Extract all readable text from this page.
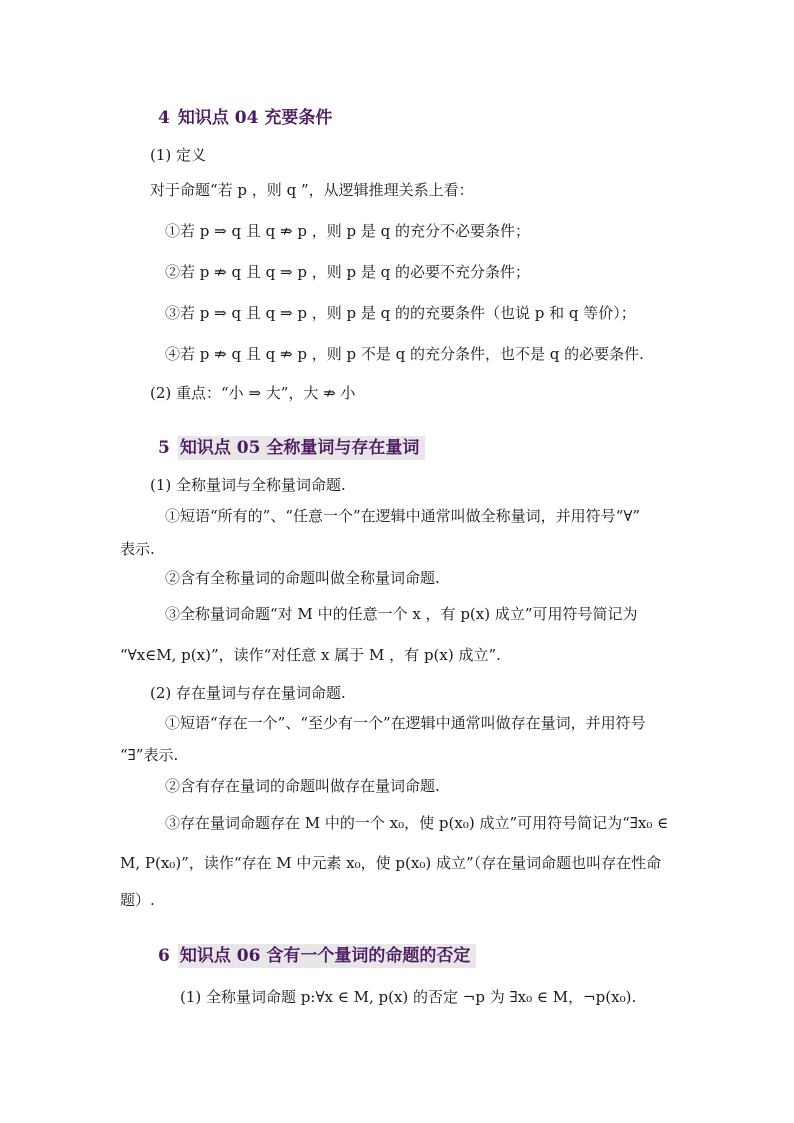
4 知识点 04 充要条件
(1) 定义
对于命题“若 p ，则 q ”，从逻辑推理关系上看：
①若 p ⇒ q 且 q ⇏ p ，则 p 是 q 的充分不必要条件；
②若 p ⇏ q 且 q ⇒ p ，则 p 是 q 的必要不充分条件；
③若 p ⇒ q 且 q ⇒ p ，则 p 是 q 的的充要条件（也说 p 和 q 等价）；
④若 p ⇏ q 且 q ⇏ p ，则 p 不是 q 的充分条件，也不是 q 的必要条件.
(2) 重点：“小 ⇒ 大”，大 ⇏ 小
5 知识点 05 全称量词与存在量词
(1) 全称量词与全称量词命题.
①短语“所有的”、“任意一个”在逻辑中通常叫做全称量词，并用符号“∀”
表示.
②含有全称量词的命题叫做全称量词命题.
③全称量词命题“对 M 中的任意一个 x ，有 p(x) 成立”可用符号简记为
“∀x∈M, p(x)”，读作“对任意 x 属于 M ，有 p(x) 成立”.
(2) 存在量词与存在量词命题.
①短语“存在一个”、“至少有一个”在逻辑中通常叫做存在量词，并用符号
“∃”表示.
②含有存在量词的命题叫做存在量词命题.
③存在量词命题存在 M 中的一个 x₀，使 p(x₀) 成立”可用符号简记为“∃x₀ ∈
M, P(x₀)”，读作“存在 M 中元素 x₀，使 p(x₀) 成立”（存在量词命题也叫存在性命
题）.
6 知识点 06 含有一个量词的命题的否定
(1) 全称量词命题 p:∀x ∈ M, p(x) 的否定 ¬p 为 ∃x₀ ∈ M，¬p(x₀).
